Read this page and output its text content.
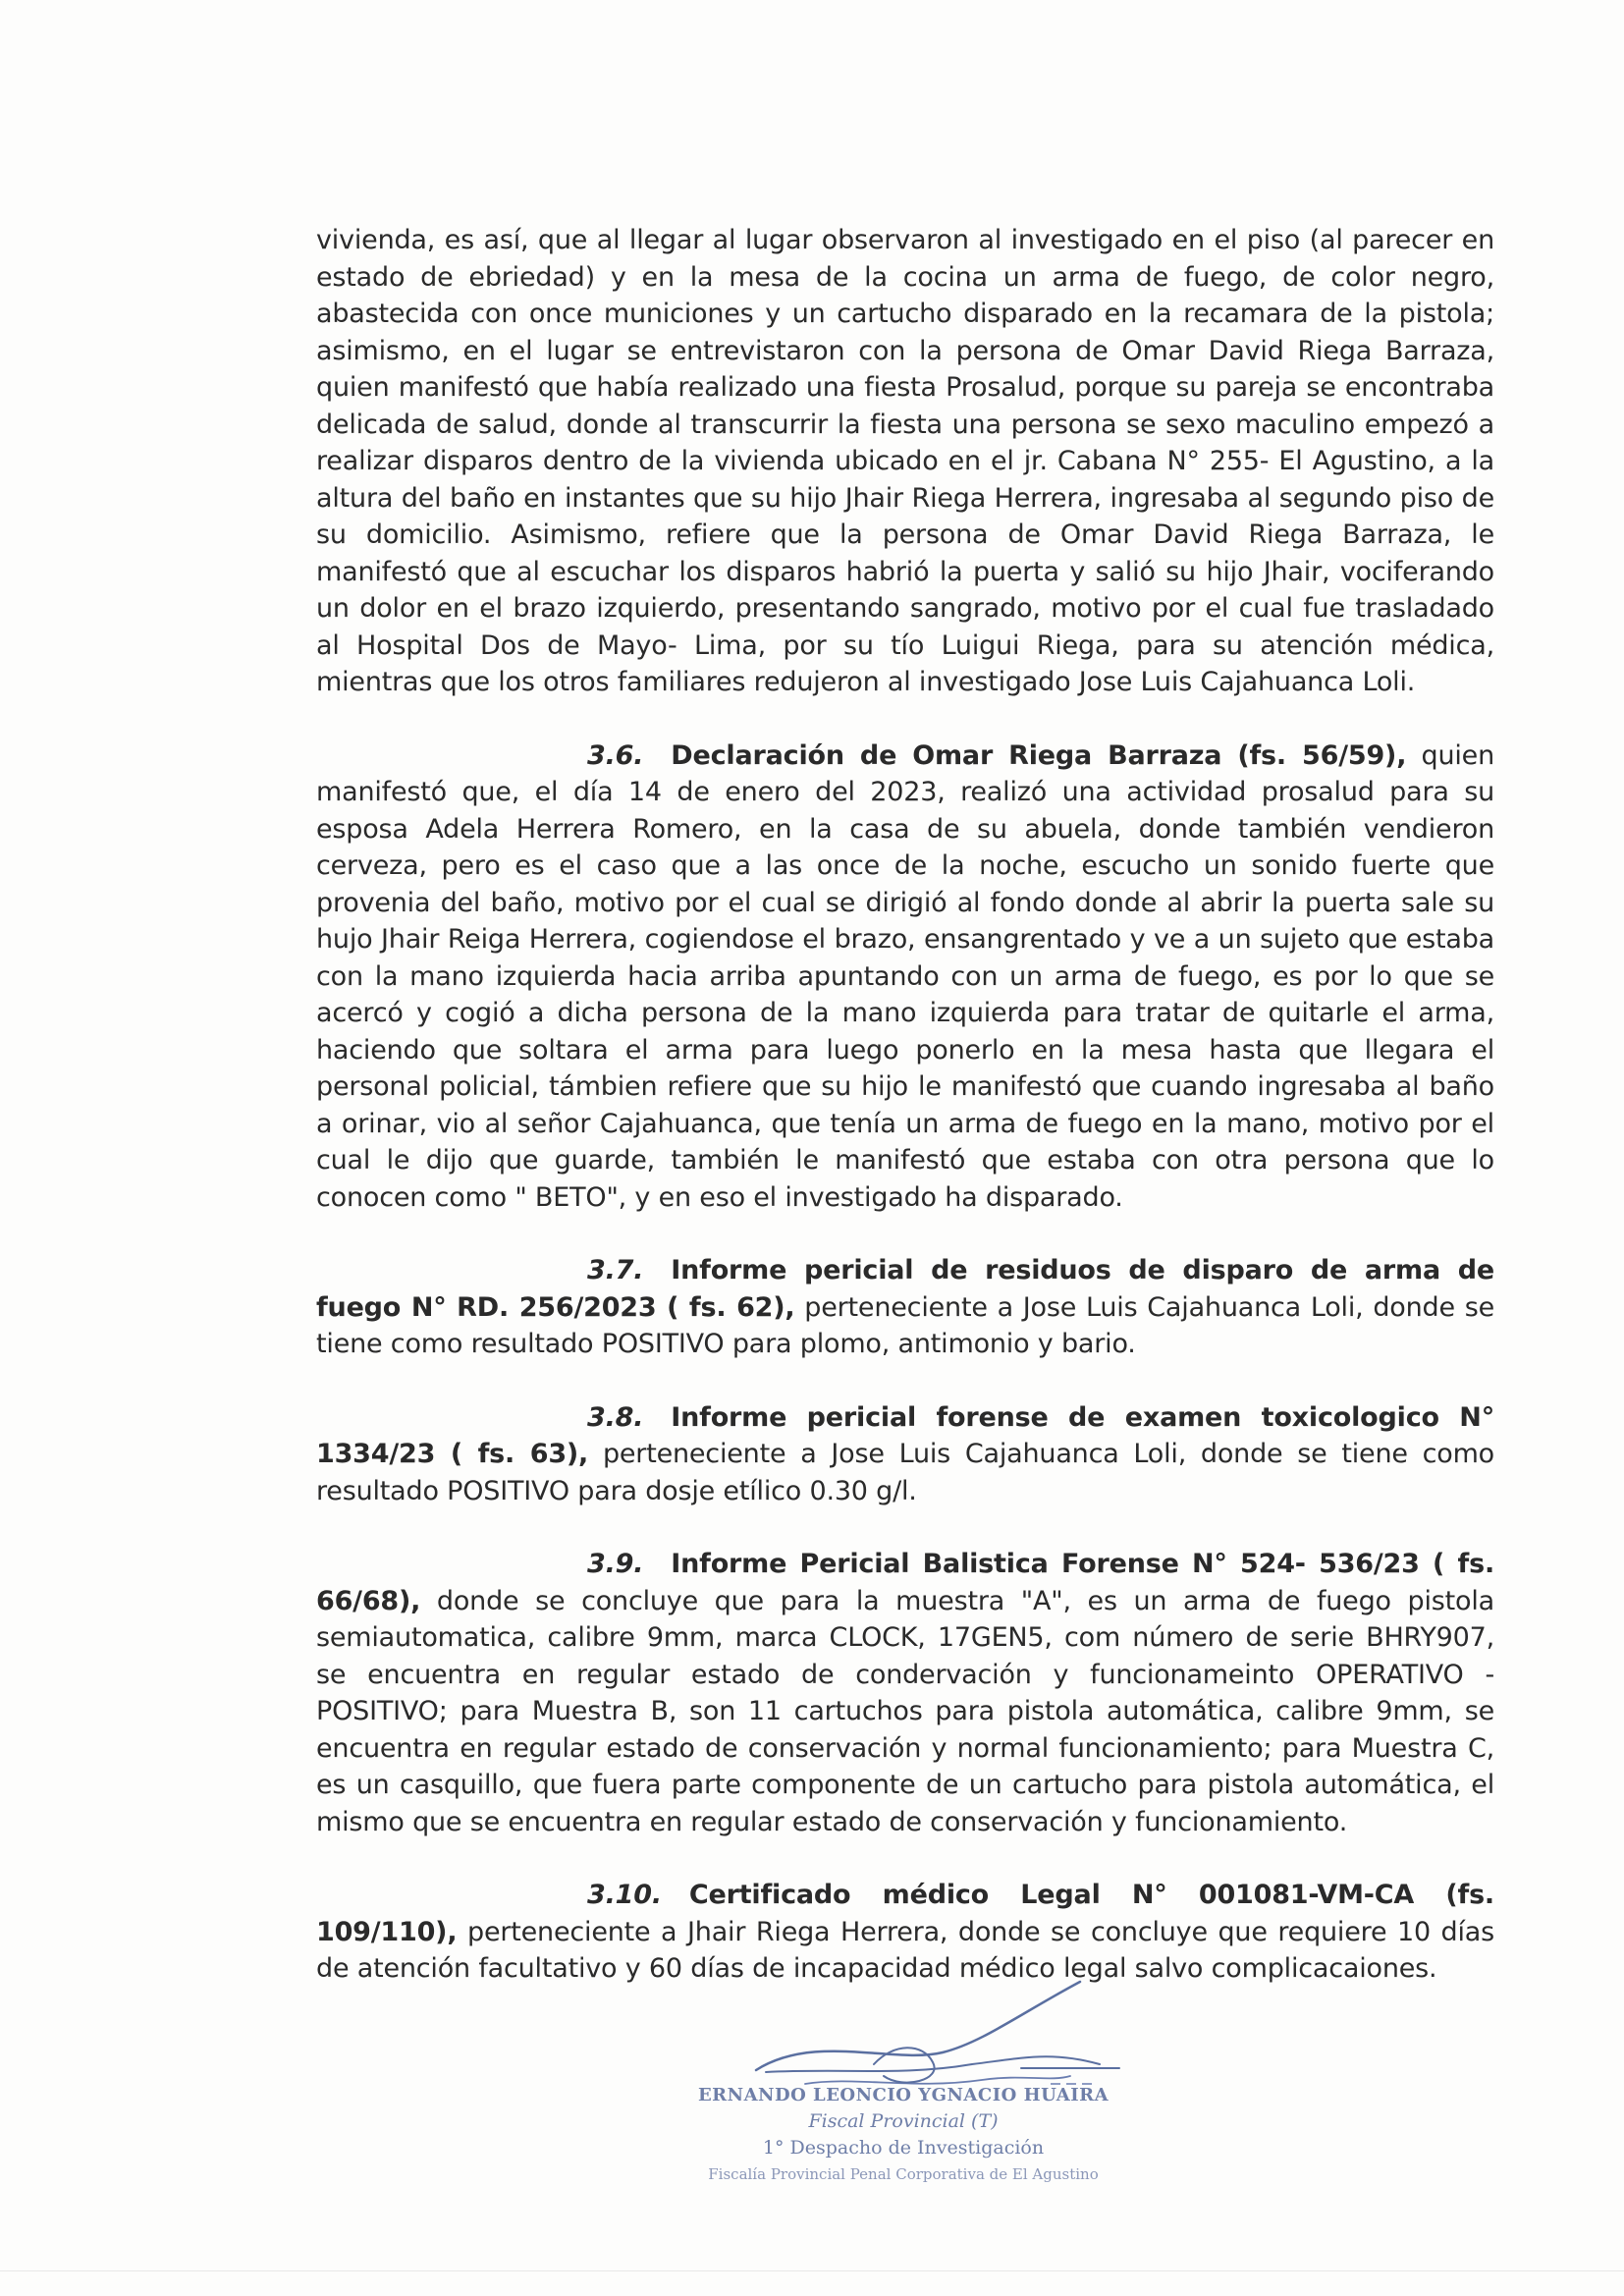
vivienda, es así, que al llegar al lugar observaron al investigado en el piso (al parecer en estado de ebriedad) y en la mesa de la cocina un arma de fuego, de color negro, abastecida con once municiones y un cartucho disparado en la recamara de la pistola; asimismo, en el lugar se entrevistaron con la persona de Omar David Riega Barraza, quien manifestó que había realizado una fiesta Prosalud, porque su pareja se encontraba delicada de salud, donde al transcurrir la fiesta una persona se sexo maculino empezó a realizar disparos dentro de la vivienda ubicado en el jr. Cabana N° 255- El Agustino, a la altura del baño en instantes que su hijo Jhair Riega Herrera, ingresaba al segundo piso de su domicilio. Asimismo, refiere que la persona de Omar David Riega Barraza, le manifestó que al escuchar los disparos habrió la puerta y salió su hijo Jhair, vociferando un dolor en el brazo izquierdo, presentando sangrado, motivo por el cual fue trasladado al Hospital Dos de Mayo- Lima, por su tío Luigui Riega, para su atención médica, mientras que los otros familiares redujeron al investigado Jose Luis Cajahuanca Loli.

3.6. Declaración de Omar Riega Barraza (fs. 56/59), quien manifestó que, el día 14 de enero del 2023, realizó una actividad prosalud para su esposa Adela Herrera Romero, en la casa de su abuela, donde también vendieron cerveza, pero es el caso que a las once de la noche, escucho un sonido fuerte que provenia del baño, motivo por el cual se dirigió al fondo donde al abrir la puerta sale su hujo Jhair Reiga Herrera, cogiendose el brazo, ensangrentado y ve a un sujeto que estaba con la mano izquierda hacia arriba apuntando con un arma de fuego, es por lo que se acercó y cogió a dicha persona de la mano izquierda para tratar de quitarle el arma, haciendo que soltara el arma para luego ponerlo en la mesa hasta que llegara el personal policial, támbien refiere que su hijo le manifestó que cuando ingresaba al baño a orinar, vio al señor Cajahuanca, que tenía un arma de fuego en la mano, motivo por el cual le dijo que guarde, también le manifestó que estaba con otra persona que lo conocen como " BETO", y en eso el investigado ha disparado.

3.7. Informe pericial de residuos de disparo de arma de fuego N° RD. 256/2023 ( fs. 62), perteneciente a Jose Luis Cajahuanca Loli, donde se tiene como resultado POSITIVO para plomo, antimonio y bario.

3.8. Informe pericial forense de examen toxicologico N° 1334/23 ( fs. 63), perteneciente a Jose Luis Cajahuanca Loli, donde se tiene como resultado POSITIVO para dosje etílico 0.30 g/l.

3.9. Informe Pericial Balistica Forense N° 524- 536/23 ( fs. 66/68), donde se concluye que para la muestra "A", es un arma de fuego pistola semiautomatica, calibre 9mm, marca CLOCK, 17GEN5, com número de serie BHRY907, se encuentra en regular estado de condervación y funcionameinto OPERATIVO - POSITIVO; para Muestra B, son 11 cartuchos para pistola automática, calibre 9mm, se encuentra en regular estado de conservación y normal funcionamiento; para Muestra C, es un casquillo, que fuera parte componente de un cartucho para pistola automática, el mismo que se encuentra en regular estado de conservación y funcionamiento.

3.10. Certificado médico Legal N° 001081-VM-CA (fs. 109/110), perteneciente a Jhair Riega Herrera, donde se concluye que requiere 10 días de atención facultativo y 60 días de incapacidad médico legal salvo complicacaiones.

ERNANDO LEONCIO YGNACIO HUAIRA
Fiscal Provincial (T)
1° Despacho de Investigación
Fiscalía Provincial Penal Corporativa de El Agustino
